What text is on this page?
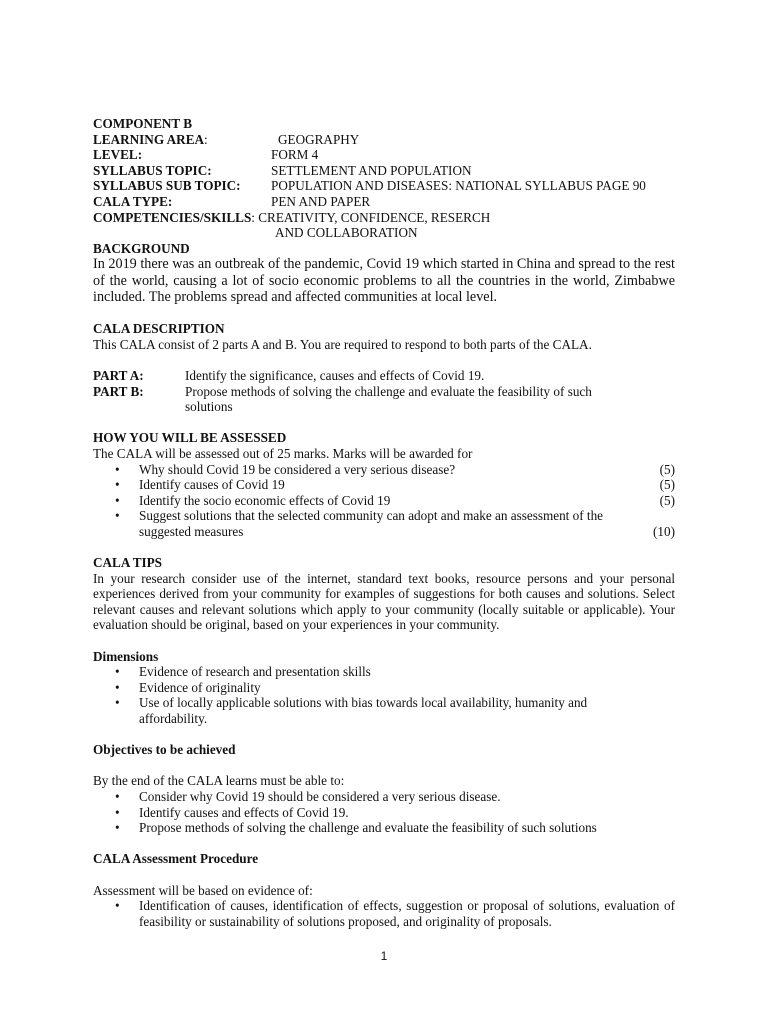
COMPONENT B
LEARNING AREA :	GEOGRAPHY
LEVEL:	FORM 4
SYLLABUS TOPIC:	SETTLEMENT AND POPULATION
SYLLABUS SUB TOPIC: POPULATION AND DISEASES: NATIONAL SYLLABUS PAGE 90
CALA TYPE:	PEN AND PAPER
COMPETENCIES/SKILLS :
CREATIVITY, CONFIDENCE, RESERCH
AND COLLABORATION
BACKGROUND
In 2019 there was an outbreak of the pandemic, Covid 19 which started in China and spread to the rest of the world, causing a lot of socio economic problems to all the countries in the world, Zimbabwe included. The problems spread and affected communities at local level.
CALA DESCRIPTION
This CALA consist of 2 parts A and B. You are required to respond to both parts of the CALA.
PART A:	Identify the significance, causes and effects of Covid 19.
PART B:	Propose methods of solving the challenge and evaluate the feasibility of such solutions
HOW YOU WILL BE ASSESSED
The CALA will be assessed out of 25 marks. Marks will be awarded for
• Why should Covid 19 be considered a very serious disease?	(5)
• Identify causes of Covid 19	(5)
• Identify the socio economic effects of Covid 19	(5)
• Suggest solutions that the selected community can adopt and make an assessment of the suggested measures	(10)
CALA TIPS
In your research consider use of the internet, standard text books, resource persons and your personal experiences derived from your community for examples of suggestions for both causes and solutions. Select relevant causes and relevant solutions which apply to your community (locally suitable or applicable). Your evaluation should be original, based on your experiences in your community.
Dimensions
• Evidence of research and presentation skills
• Evidence of originality
• Use of locally applicable solutions with bias towards local availability, humanity and affordability.
Objectives to be achieved
By the end of the CALA learns must be able to:
• Consider why Covid 19 should be considered a very serious disease.
• Identify causes and effects of Covid 19.
• Propose methods of solving the challenge and evaluate the feasibility of such solutions
CALA Assessment Procedure
Assessment will be based on evidence of:
• Identification of causes, identification of effects, suggestion or proposal of solutions, evaluation of feasibility or sustainability of solutions proposed, and originality of proposals.
1
